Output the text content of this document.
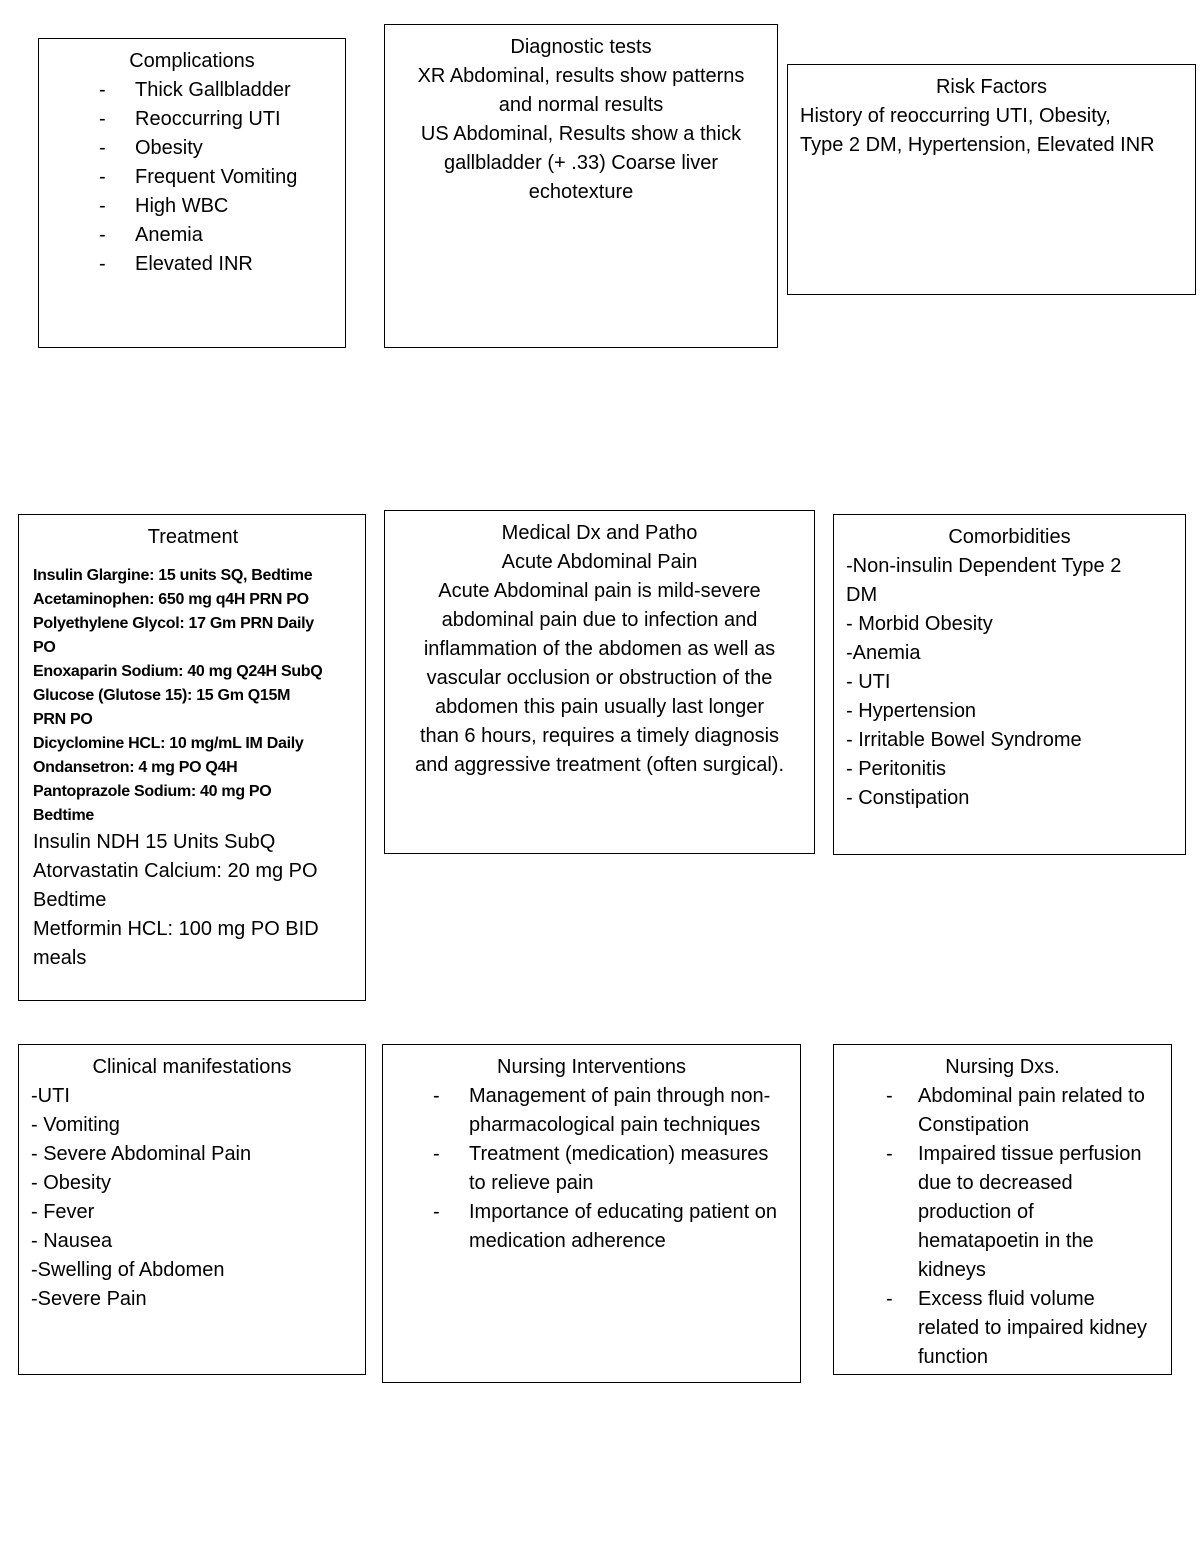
Complications
- Thick Gallbladder
- Reoccurring UTI
- Obesity
- Frequent Vomiting
- High WBC
- Anemia
- Elevated INR
Diagnostic tests
XR Abdominal, results show patterns
and normal results
US Abdominal, Results show a thick
gallbladder (+ .33) Coarse liver
echotexture
Risk Factors
History of reoccurring UTI, Obesity,
Type 2 DM, Hypertension, Elevated INR
Treatment
Insulin Glargine: 15 units SQ, Bedtime
Acetaminophen: 650 mg q4H PRN PO
Polyethylene Glycol: 17 Gm PRN Daily
PO
Enoxaparin Sodium: 40 mg Q24H SubQ
Glucose (Glutose 15): 15 Gm Q15M
PRN PO
Dicyclomine HCL: 10 mg/mL IM Daily
Ondansetron: 4 mg PO Q4H
Pantoprazole Sodium: 40 mg PO
Bedtime
Insulin NDH 15 Units SubQ
Atorvastatin Calcium: 20 mg PO
Bedtime
Metformin HCL: 100 mg PO BID
meals
Medical Dx and Patho
Acute Abdominal Pain
Acute Abdominal pain is mild-severe
abdominal pain due to infection and
inflammation of the abdomen as well as
vascular occlusion or obstruction of the
abdomen this pain usually last longer
than 6 hours, requires a timely diagnosis
and aggressive treatment (often surgical).
Comorbidities
-Non-insulin Dependent Type 2
DM
- Morbid Obesity
-Anemia
- UTI
- Hypertension
- Irritable Bowel Syndrome
- Peritonitis
- Constipation
Clinical manifestations
-UTI
- Vomiting
- Severe Abdominal Pain
- Obesity
- Fever
- Nausea
-Swelling of Abdomen
-Severe Pain
Nursing Interventions
- Management of pain through non-pharmacological pain techniques
- Treatment (medication) measures to relieve pain
- Importance of educating patient on medication adherence
Nursing Dxs.
- Abdominal pain related to Constipation
- Impaired tissue perfusion due to decreased production of hematapoetin in the kidneys
- Excess fluid volume related to impaired kidney function
